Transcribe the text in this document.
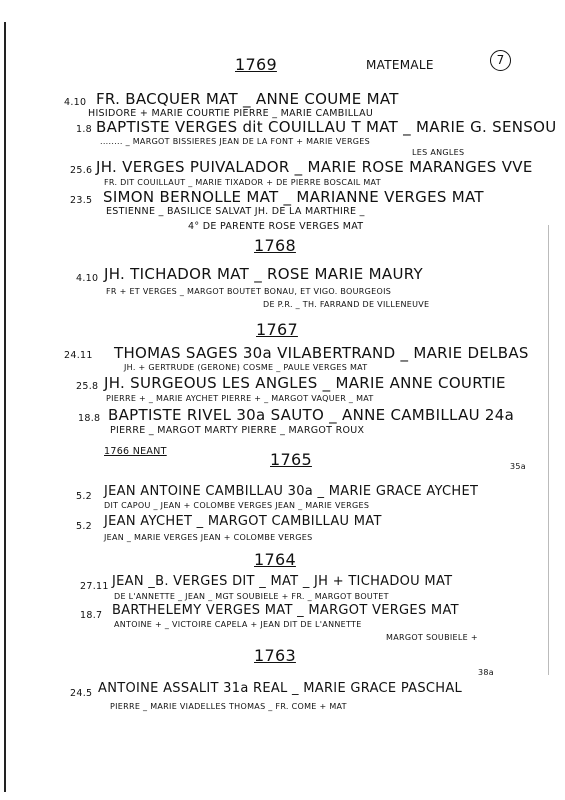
1769	MATEMALE	7
4.10 FR. BACQUER MAT _ ANNE COUME MAT
HISIDORE + MARIE COURTIE PIERRE _ MARIE CAMBILLAU
1.8 BAPTISTE VERGES dit COUILLAU T MAT _ MARIE G. SENSOU
........ _ MARGOT BISSIERES JEAN DE LA FONT + MARIE VERGES
LES ANGLES
25.6 JH. VERGES PUIVALADOR _ MARIE ROSE MARANGES VVE
FR. DIT COUILLAUT _ MARIE TIXADOR + DE PIERRE BOSCAIL MAT
23.5 SIMON BERNOLLE MAT _ MARIANNE VERGES MAT
ESTIENNE _ BASILICE SALVAT JH. DE LA MARTHIRE _
4° DE PARENTE ROSE VERGES MAT
1768
4.10 JH. TICHADOR MAT _ ROSE MARIE MAURY
FR + ET VERGES _ MARGOT BOUTET BONAU, ET VIGO. BOURGEOIS
DE P.R. _ TH. FARRAND DE VILLENEUVE
1767
24.11 THOMAS SAGES 30a VILABERTRAND _ MARIE DELBAS
JH. + GERTRUDE (GERONE) COSME _ PAULE VERGES MAT
25.8 JH. SURGEOUS LES ANGLES _ MARIE ANNE COURTIE
PIERRE + _ MARIE AYCHET PIERRE + _ MARGOT VAQUER _ MAT
18.8 BAPTISTE RIVEL 30a SAUTO _ ANNE CAMBILLAU 24a
PIERRE _ MARGOT MARTY PIERRE _ MARGOT ROUX
1766 NEANT	1765	35a
5.2 JEAN ANTOINE CAMBILLAU 30a _ MARIE GRACE AYCHET
DIT CAPOU _ JEAN + COLOMBE VERGES JEAN _ MARIE VERGES
5.2 JEAN AYCHET _ MARGOT CAMBILLAU MAT
JEAN _ MARIE VERGES JEAN + COLOMBE VERGES
1764
27.11 JEAN _B. VERGES DIT _ MAT _ JH + TICHADOU MAT
DE L'ANNETTE _ JEAN _ MGT SOUBIELE + FR. _ MARGOT BOUTET
18.7 BARTHELEMY VERGES MAT _ MARGOT VERGES MAT
ANTOINE + _ VICTOIRE CAPELA + JEAN DIT DE L'ANNETTE
MARGOT SOUBIELE +
1763
38a
24.5 ANTOINE ASSALIT 31a REAL _ MARIE GRACE PASCHAL
PIERRE _ MARIE VIADELLES THOMAS _ FR. COME + MAT
